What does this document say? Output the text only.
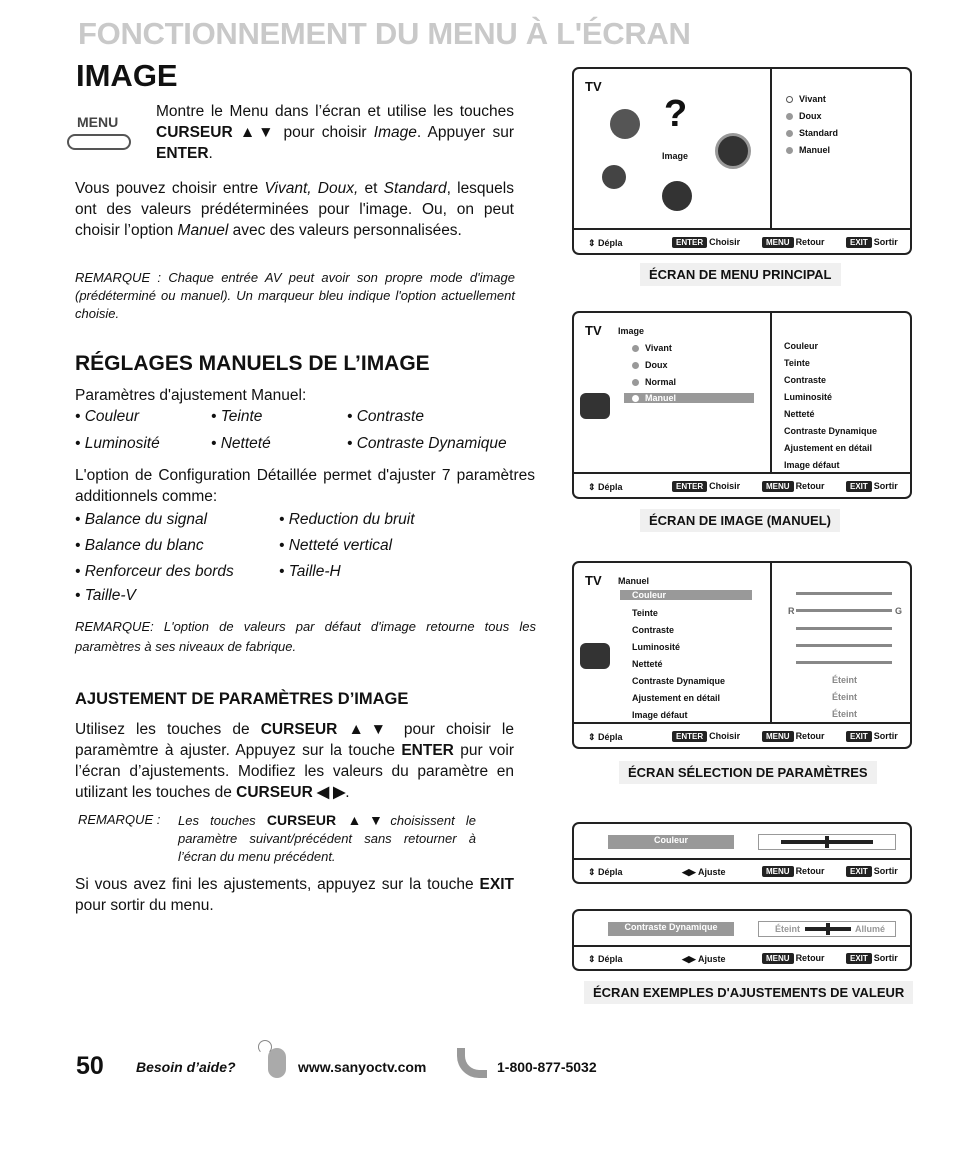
FONCTIONNEMENT DU MENU À L'ÉCRAN
IMAGE
MENU
Montre le Menu dans l’écran et utilise les touches CURSEUR ▲▼ pour choisir Image. Appuyer sur ENTER.
Vous pouvez choisir entre Vivant, Doux, et Standard, lesquels ont des valeurs prédéterminées pour l'image. Ou, on peut choisir l’option Manuel avec des valeurs personnalisées.
REMARQUE : Chaque entrée AV peut avoir son propre mode d'image (prédéterminé ou manuel). Un marqueur bleu indique l'option actuellement choisie.
RÉGLAGES MANUELS DE L’IMAGE
Paramètres d'ajustement Manuel:
• Couleur	• Teinte	• Contraste
• Luminosité	• Netteté	• Contraste Dynamique
L'option de Configuration Détaillée permet d'ajuster 7 paramètres additionnels comme:
• Balance du signal	• Reduction du bruit
• Balance du blanc	• Netteté vertical
• Renforceur des bords	• Taille-H
• Taille-V
REMARQUE: L'option de valeurs par défaut d'image retourne tous les paramètres à ses niveaux de fabrique.
AJUSTEMENT DE PARAMÈTRES D’IMAGE
Utilisez les touches de CURSEUR ▲▼ pour choisir le paramèmtre à ajuster. Appuyez sur la touche ENTER pur voir l’écran d’ajustements. Modifiez les valeurs du paramètre en utilizant les touches de CURSEUR ◀ ▶.
REMARQUE : Les touches CURSEUR ▲▼choisissent le paramètre suivant/précédent sans retourner à l’écran du menu précédent.
Si vous avez fini les ajustements, appuyez sur la touche EXIT pour sortir du menu.
TV
?
Image
Vivant
Doux
Standard
Manuel
⇕ Dépla	ENTER Choisir	MENU Retour	EXIT Sortir
ÉCRAN DE MENU PRINCIPAL
TV Image
Vivant
Doux
Normal
Manuel
Couleur
Teinte
Contraste
Luminosité
Netteté
Contraste Dynamique
Ajustement en détail
Image défaut
⇕ Dépla	ENTER Choisir	MENU Retour	EXIT Sortir
ÉCRAN DE IMAGE (MANUEL)
TV Manuel
Couleur
Teinte
Contraste
Luminosité
Netteté
Contraste Dynamique
Ajustement en détail
Image défaut
R	G
Éteint
Éteint
Éteint
⇕ Dépla	ENTER Choisir	MENU Retour	EXIT Sortir
ÉCRAN SÉLECTION DE PARAMÈTRES
Couleur
⇕ Dépla	◀▶ Ajuste	MENU Retour	EXIT Sortir
Contraste Dynamique	Éteint	Allumé
⇕ Dépla	◀▶ Ajuste	MENU Retour	EXIT Sortir
ÉCRAN EXEMPLES D'AJUSTEMENTS DE VALEUR
50 Besoin d’aide?	www.sanyoctv.com	1-800-877-5032
